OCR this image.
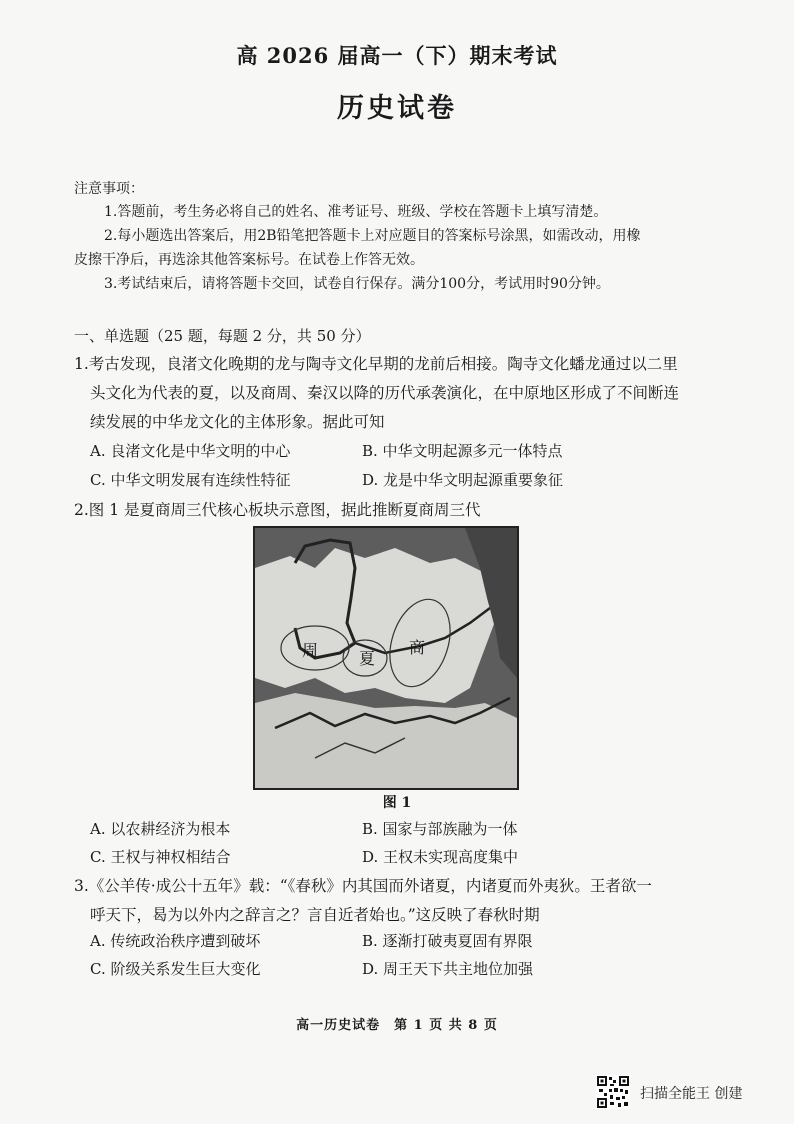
高 2026 届高一（下）期末考试
历史试卷
注意事项：
1.答题前，考生务必将自己的姓名、准考证号、班级、学校在答题卡上填写清楚。
2.每小题选出答案后，用2B铅笔把答题卡上对应题目的答案标号涂黑，如需改动，用橡
皮擦干净后，再选涂其他答案标号。在试卷上作答无效。
3.考试结束后，请将答题卡交回，试卷自行保存。满分100分，考试用时90分钟。
一、单选题（25 题，每题 2 分，共 50 分）
1.考古发现，良渚文化晚期的龙与陶寺文化早期的龙前后相接。陶寺文化蟠龙通过以二里
头文化为代表的夏，以及商周、秦汉以降的历代承袭演化，在中原地区形成了不间断连
续发展的中华龙文化的主体形象。据此可知
A. 良渚文化是中华文明的中心	B. 中华文明起源多元一体特点
C. 中华文明发展有连续性特征	D. 龙是中华文明起源重要象征
2.图 1 是夏商周三代核心板块示意图，据此推断夏商周三代
周	夏
商
图 1
A. 以农耕经济为根本	B. 国家与部族融为一体
C. 王权与神权相结合	D. 王权未实现高度集中
3.《公羊传·成公十五年》载：“《春秋》内其国而外诸夏，内诸夏而外夷狄。王者欲一
呼天下，曷为以外内之辞言之？言自近者始也。”这反映了春秋时期
A. 传统政治秩序遭到破坏	B. 逐渐打破夷夏固有界限
C. 阶级关系发生巨大变化	D. 周王天下共主地位加强
高一历史试卷　第 1 页 共 8 页
扫描全能王 创建
